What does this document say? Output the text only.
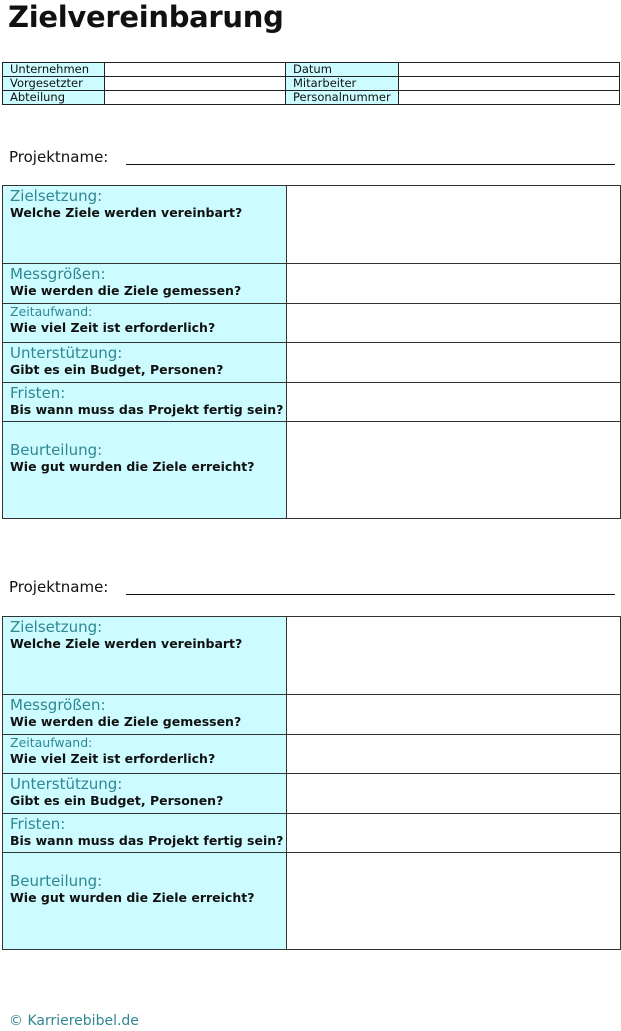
Zielvereinbarung
Unternehmen		Datum	
Vorgesetzter		Mitarbeiter	
Abteilung		Personalnummer	
Projektname:
Zielsetzung:
Welche Ziele werden vereinbart?	

Messgrößen:
Wie werden die Ziele gemessen?	

Zeitaufwand:
Wie viel Zeit ist erforderlich?	

Unterstützung:
Gibt es ein Budget, Personen?	

Fristen:
Bis wann muss das Projekt fertig sein?	

Beurteilung:
Wie gut wurden die Ziele erreicht?	

Projektname:
Zielsetzung:
Welche Ziele werden vereinbart?	

Messgrößen:
Wie werden die Ziele gemessen?	

Zeitaufwand:
Wie viel Zeit ist erforderlich?	

Unterstützung:
Gibt es ein Budget, Personen?	

Fristen:
Bis wann muss das Projekt fertig sein?	

Beurteilung:
Wie gut wurden die Ziele erreicht?	

© Karrierebibel.de
